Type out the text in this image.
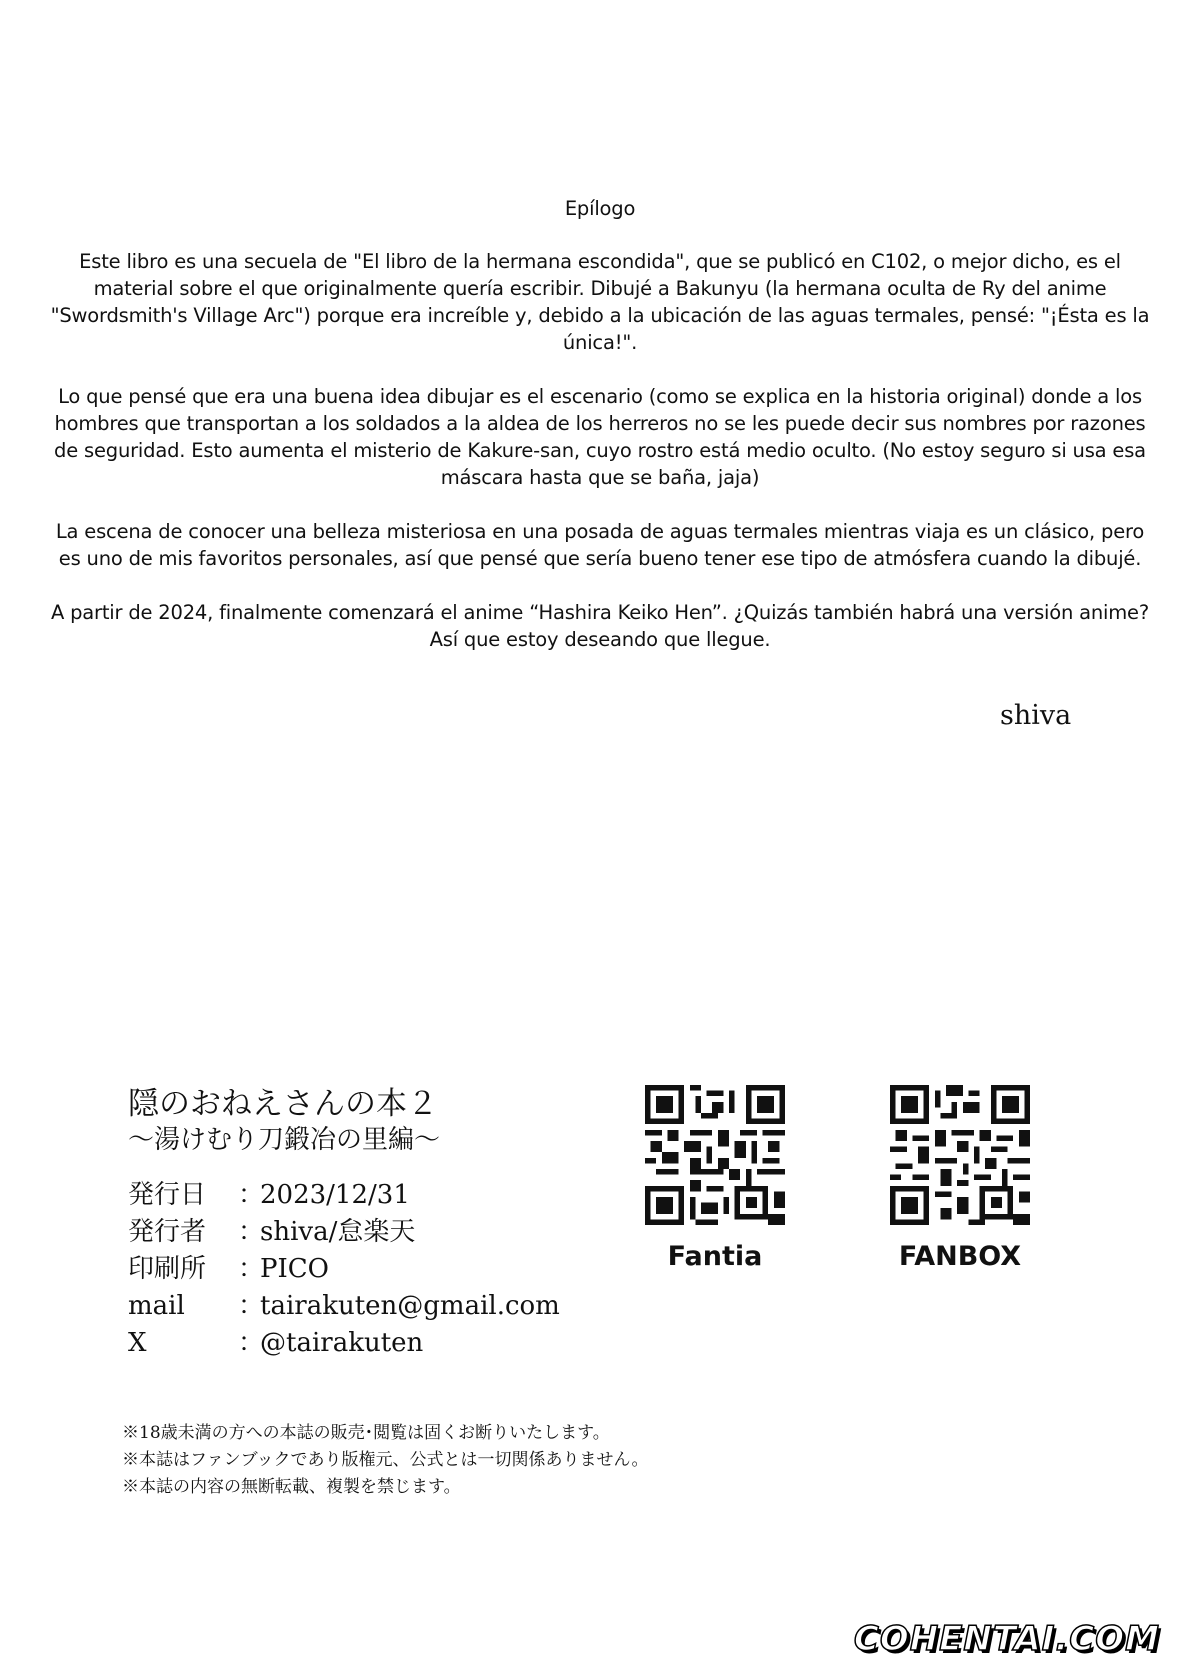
Epílogo

Este libro es una secuela de "El libro de la hermana escondida", que se publicó en C102, o mejor dicho, es el material sobre el que originalmente quería escribir. Dibujé a Bakunyu (la hermana oculta de Ry del anime "Swordsmith's Village Arc") porque era increíble y, debido a la ubicación de las aguas termales, pensé: "¡Ésta es la única!".

Lo que pensé que era una buena idea dibujar es el escenario (como se explica en la historia original) donde a los hombres que transportan a los soldados a la aldea de los herreros no se les puede decir sus nombres por razones de seguridad. Esto aumenta el misterio de Kakure-san, cuyo rostro está medio oculto. (No estoy seguro si usa esa máscara hasta que se baña, jaja)

La escena de conocer una belleza misteriosa en una posada de aguas termales mientras viaja es un clásico, pero es uno de mis favoritos personales, así que pensé que sería bueno tener ese tipo de atmósfera cuando la dibujé.

A partir de 2024, finalmente comenzará el anime “Hashira Keiko Hen”. ¿Quizás también habrá una versión anime? Así que estoy deseando que llegue.

shiva
隠のおねえさんの本２
～湯けむり刀鍛冶の里編～
発行日	：
2023/12/31
発行者	：
shiva/怠楽天
印刷所	：
PICO
mail	：
tairakuten@gmail.com
X	：
@tairakuten
※18歳未満の方への本誌の販売･閲覧は固くお断りいたします。
※本誌はファンブックであり版権元、公式とは一切関係ありません。
※本誌の内容の無断転載、複製を禁じます。
Fantia	FANBOX
COHENTAI.COM
